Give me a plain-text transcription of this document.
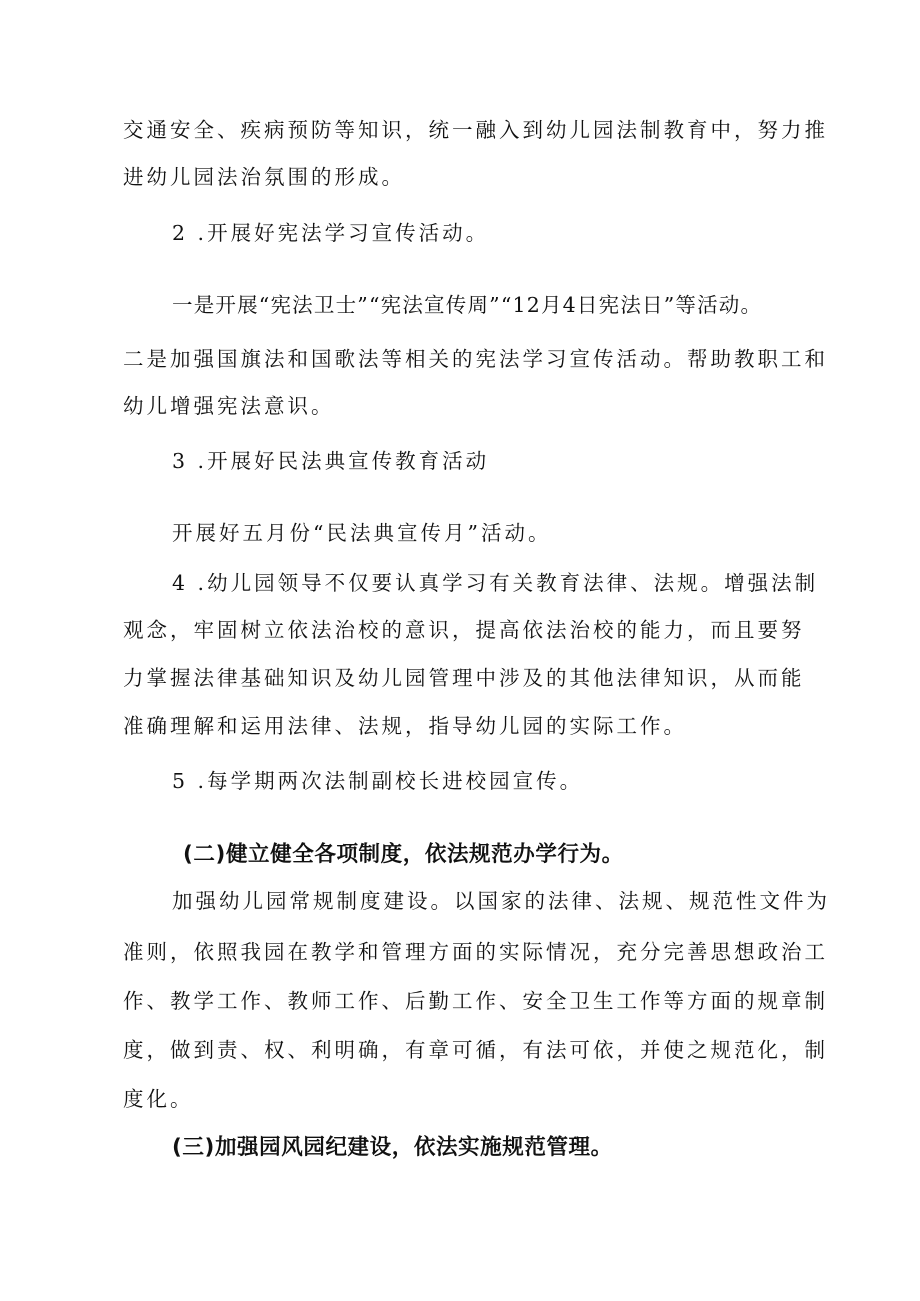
交通安全、疾病预防等知识，统一融入到幼儿园法制教育中，努力推

进幼儿园法治氛围的形成。

2 .开展好宪法学习宣传活动。

一是开展“宪法卫士”“宪法宣传周”“12月4日宪法日”等活动。

二是加强国旗法和国歌法等相关的宪法学习宣传活动。帮助教职工和

幼儿增强宪法意识。

3 .开展好民法典宣传教育活动

开展好五月份“民法典宣传月”活动。

4 .幼儿园领导不仅要认真学习有关教育法律、法规。增强法制

观念，牢固树立依法治校的意识，提高依法治校的能力，而且要努

力掌握法律基础知识及幼儿园管理中涉及的其他法律知识，从而能

准确理解和运用法律、法规，指导幼儿园的实际工作。

5 .每学期两次法制副校长进校园宣传。

(二)健立健全各项制度，依法规范办学行为。

加强幼儿园常规制度建设。以国家的法律、法规、规范性文件为

准则，依照我园在教学和管理方面的实际情况，充分完善思想政治工

作、教学工作、教师工作、后勤工作、安全卫生工作等方面的规章制

度，做到责、权、利明确，有章可循，有法可依，并使之规范化，制

度化。

(三)加强园风园纪建设，依法实施规范管理。
